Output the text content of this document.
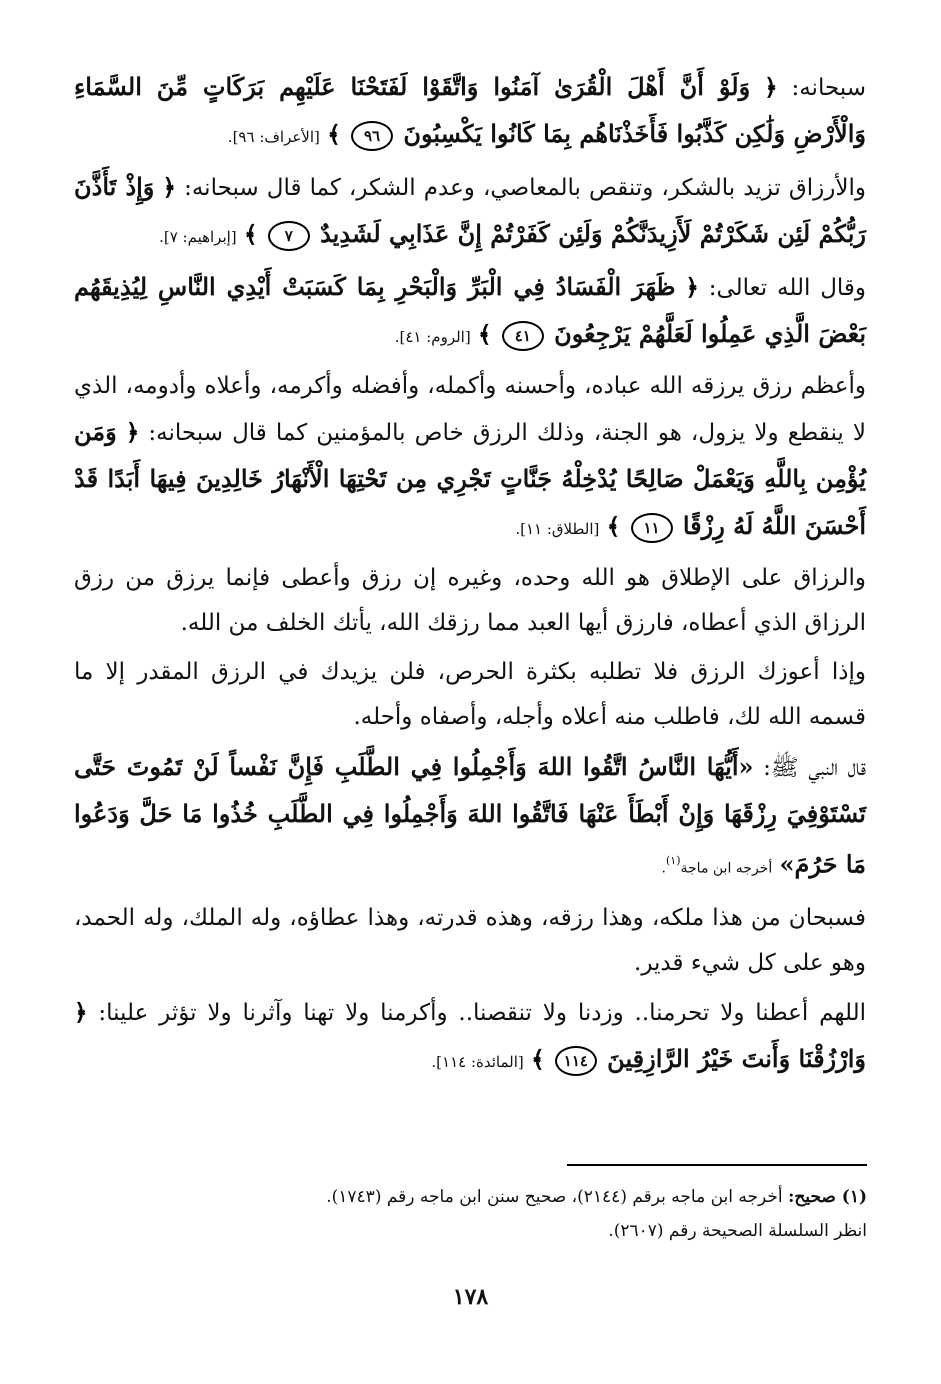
سبحانه: ﴿ وَلَوْ أَنَّ أَهْلَ الْقُرَىٰ آمَنُوا وَاتَّقَوْا لَفَتَحْنَا عَلَيْهِم بَرَكَاتٍ مِّنَ السَّمَاءِ وَالْأَرْضِ وَلَٰكِن كَذَّبُوا فَأَخَذْنَاهُم بِمَا كَانُوا يَكْسِبُونَ ٩٦ ﴾ [الأعراف: ٩٦].

والأرزاق تزيد بالشكر، وتنقص بالمعاصي، وعدم الشكر، كما قال سبحانه: ﴿ وَإِذْ تَأَذَّنَ رَبُّكُمْ لَئِن شَكَرْتُمْ لَأَزِيدَنَّكُمْ وَلَئِن كَفَرْتُمْ إِنَّ عَذَابِي لَشَدِيدٌ ٧ ﴾ [إبراهيم: ٧].

وقال الله تعالى: ﴿ ظَهَرَ الْفَسَادُ فِي الْبَرِّ وَالْبَحْرِ بِمَا كَسَبَتْ أَيْدِي النَّاسِ لِيُذِيقَهُم بَعْضَ الَّذِي عَمِلُوا لَعَلَّهُمْ يَرْجِعُونَ ٤١ ﴾ [الروم: ٤١].

وأعظم رزق يرزقه الله عباده، وأحسنه وأكمله، وأفضله وأكرمه، وأعلاه وأدومه، الذي لا ينقطع ولا يزول، هو الجنة، وذلك الرزق خاص بالمؤمنين كما قال سبحانه: ﴿ وَمَن يُؤْمِن بِاللَّهِ وَيَعْمَلْ صَالِحًا يُدْخِلْهُ جَنَّاتٍ تَجْرِي مِن تَحْتِهَا الْأَنْهَارُ خَالِدِينَ فِيهَا أَبَدًا قَدْ أَحْسَنَ اللَّهُ لَهُ رِزْقًا ١١ ﴾ [الطلاق: ١١].

والرزاق على الإطلاق هو الله وحده، وغيره إن رزق وأعطى فإنما يرزق من رزق الرزاق الذي أعطاه، فارزق أيها العبد مما رزقك الله، يأتك الخلف من الله.

وإذا أعوزك الرزق فلا تطلبه بكثرة الحرص، فلن يزيدك في الرزق المقدر إلا ما قسمه الله لك، فاطلب منه أعلاه وأجله، وأصفاه وأحله.

قال النبي ﷺ: «أَيُّهَا النَّاسُ اتَّقُوا اللهَ وَأَجْمِلُوا فِي الطَّلَبِ فَإِنَّ نَفْساً لَنْ تَمُوتَ حَتَّى تَسْتَوْفِيَ رِزْقَهَا وَإِنْ أَبْطَأَ عَنْهَا فَاتَّقُوا اللهَ وَأَجْمِلُوا فِي الطَّلَبِ خُذُوا مَا حَلَّ وَدَعُوا مَا حَرُمَ» أخرجه ابن ماجة$^{(١)}$.

فسبحان من هذا ملكه، وهذا رزقه، وهذه قدرته، وهذا عطاؤه، وله الملك، وله الحمد، وهو على كل شيء قدير.

اللهم أعطنا ولا تحرمنا.. وزدنا ولا تنقصنا.. وأكرمنا ولا تهنا وآثرنا ولا تؤثر علينا: ﴿ وَارْزُقْنَا وَأَنتَ خَيْرُ الرَّازِقِينَ ١١٤ ﴾ [المائدة: ١١٤].

(١) صحيح: أخرجه ابن ماجه برقم (٢١٤٤)، صحيح سنن ابن ماجه رقم (١٧٤٣).
انظر السلسلة الصحيحة رقم (٢٦٠٧).
١٧٨
